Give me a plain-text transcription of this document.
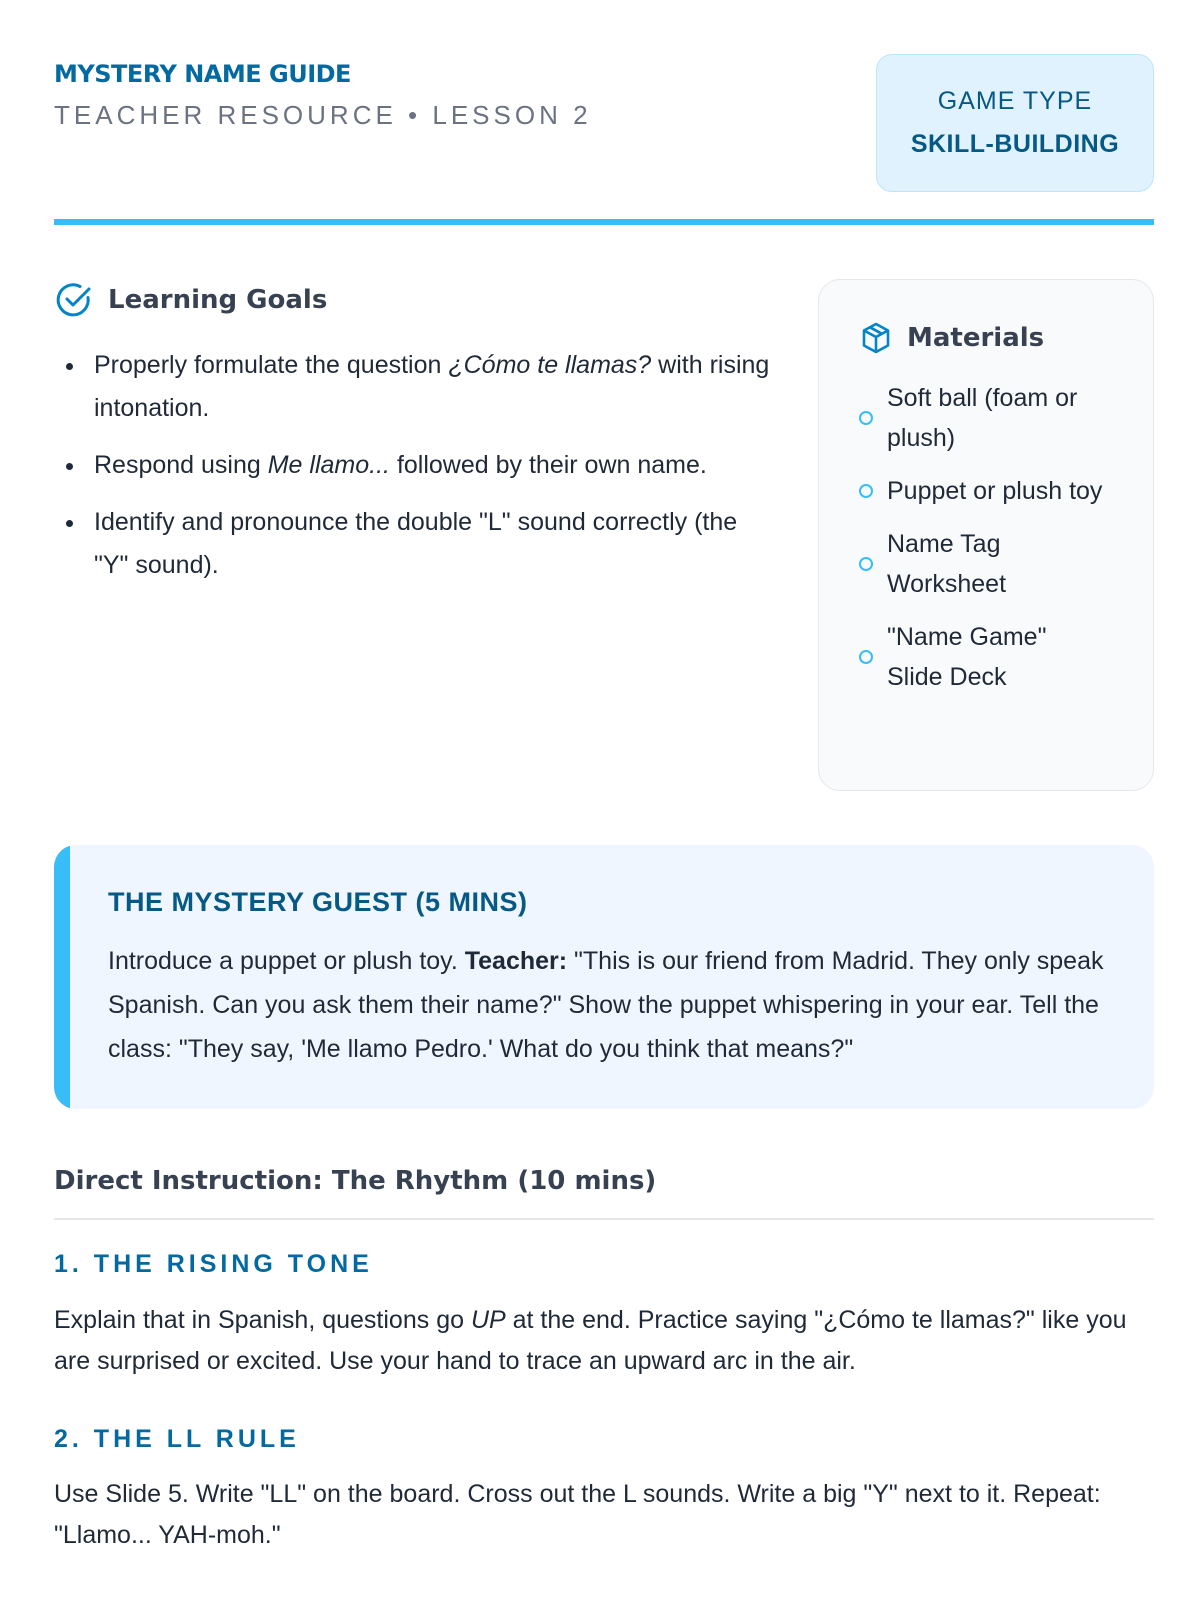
MYSTERY NAME GUIDE
TEACHER RESOURCE • LESSON 2	GAME TYPE
SKILL-BUILDING
Learning Goals
Properly formulate the question ¿Cómo te llamas? with rising intonation.
Respond using Me llamo... followed by their own name.
Identify and pronounce the double "L" sound correctly (the "Y" sound).
Materials
Soft ball (foam or plush)
Puppet or plush toy
Name Tag Worksheet
"Name Game" Slide Deck
THE MYSTERY GUEST (5 MINS)
Introduce a puppet or plush toy. Teacher: "This is our friend from Madrid. They only speak Spanish. Can you ask them their name?" Show the puppet whispering in your ear. Tell the class: "They say, 'Me llamo Pedro.' What do you think that means?"
Direct Instruction: The Rhythm (10 mins)
1. THE RISING TONE
Explain that in Spanish, questions go UP at the end. Practice saying "¿Cómo te llamas?" like you are surprised or excited. Use your hand to trace an upward arc in the air.
2. THE LL RULE
Use Slide 5. Write "LL" on the board. Cross out the L sounds. Write a big "Y" next to it. Repeat: "Llamo... YAH-moh."
